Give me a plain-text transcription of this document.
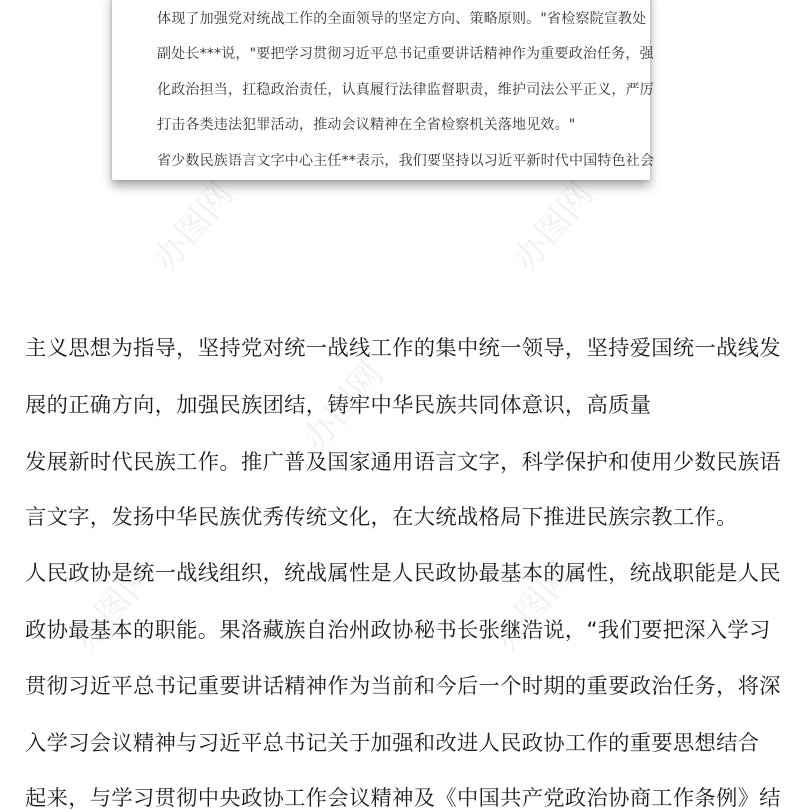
体现了加强党对统战工作的全面领导的坚定方向、策略原则。"省检察院宣教处
副处长***说，"要把学习贯彻习近平总书记重要讲话精神作为重要政治任务，强
化政治担当，扛稳政治责任，认真履行法律监督职责，维护司法公平正义，严厉
打击各类违法犯罪活动，推动会议精神在全省检察机关落地见效。"
省少数民族语言文字中心主任**表示，我们要坚持以习近平新时代中国特色社会
办图网	办图网
办图网
办图网	办图网
主义思想为指导，坚持党对统一战线工作的集中统一领导，坚持爱国统一战线发
展的正确方向，加强民族团结，铸牢中华民族共同体意识，高质量
发展新时代民族工作。推广普及国家通用语言文字，科学保护和使用少数民族语
言文字，发扬中华民族优秀传统文化，在大统战格局下推进民族宗教工作。
人民政协是统一战线组织，统战属性是人民政协最基本的属性，统战职能是人民
政协最基本的职能。果洛藏族自治州政协秘书长张继浩说，“我们要把深入学习
贯彻习近平总书记重要讲话精神作为当前和今后一个时期的重要政治任务，将深
入学习会议精神与习近平总书记关于加强和改进人民政协工作的重要思想结合
起来，与学习贯彻中央政协工作会议精神及《中国共产党政治协商工作条例》结
